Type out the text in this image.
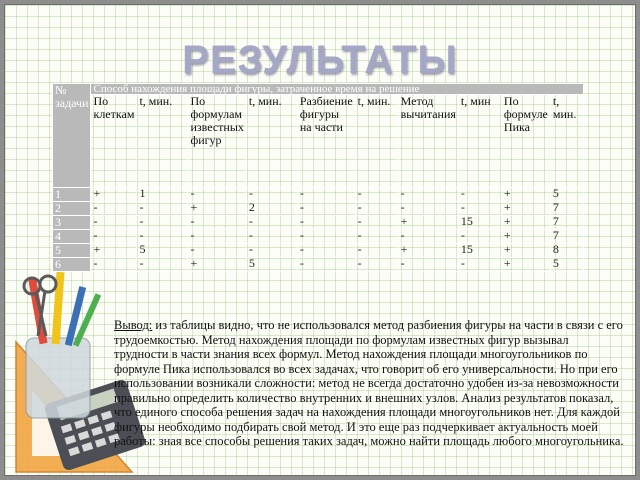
РЕЗУЛЬТАТЫ
№ задачи	Способ нахождения площади фигуры, затраченное время на решение									
	По клеткам	t, мин.	По формулам известных фигур	t, мин.	Разбиение фигуры на части	t, мин.	Метод вычитания	t, мин	По формуле Пика	t, мин.
1	+	1	-	-	-	-	-	-	+	5
2	-	-	+	2	-	-	-	-	+	7
3	-	-	-	-	-	-	+	15	+	7
4	-	-	-	-	-	-	-	-	+	7
5	+	5	-	-	-	-	+	15	+	8
6	-	-	+	5	-	-	-	-	+	5
Вывод: из таблицы видно, что не использовался метод разбиения фигуры на части в связи с его трудоемкостью. Метод нахождения площади по формулам известных фигур вызывал трудности в части знания всех формул. Метод нахождения площади многоугольников по формуле Пика использовался во всех задачах, что говорит об его универсальности. Но при его использовании возникали сложности: метод не всегда достаточно удобен из-за невозможности правильно определить количество внутренних и внешних узлов. Анализ результатов показал, что единого способа решения задач на нахождения площади многоугольников нет. Для каждой фигуры необходимо подбирать свой метод. И это еще раз подчеркивает актуальность моей работы: зная все способы решения таких задач, можно найти площадь любого многоугольника.
